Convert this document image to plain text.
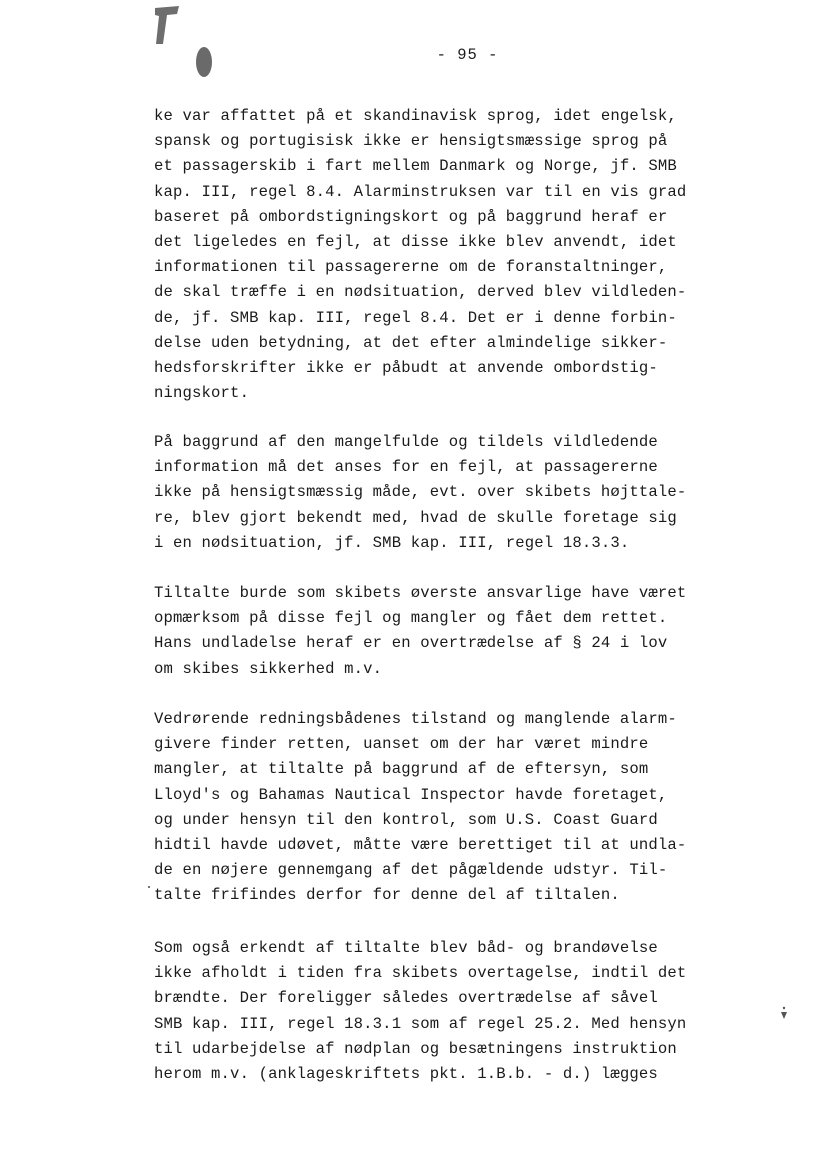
- 95 -
ke var affattet på et skandinavisk sprog, idet engelsk,
spansk og portugisisk ikke er hensigtsmæssige sprog på
et passagerskib i fart mellem Danmark og Norge, jf. SMB
kap. III, regel 8.4. Alarminstruksen var til en vis grad
baseret på ombordstigningskort og på baggrund heraf er
det ligeledes en fejl, at disse ikke blev anvendt, idet
informationen til passagererne om de foranstaltninger,
de skal træffe i en nødsituation, derved blev vildleden-
de, jf. SMB kap. III, regel 8.4. Det er i denne forbin-
delse uden betydning, at det efter almindelige sikker-
hedsforskrifter ikke er påbudt at anvende ombordstig-
ningskort.
På baggrund af den mangelfulde og tildels vildledende
information må det anses for en fejl, at passagererne
ikke på hensigtsmæssig måde, evt. over skibets højttale-
re, blev gjort bekendt med, hvad de skulle foretage sig
i en nødsituation, jf. SMB kap. III, regel 18.3.3.
Tiltalte burde som skibets øverste ansvarlige have været
opmærksom på disse fejl og mangler og fået dem rettet.
Hans undladelse heraf er en overtrædelse af § 24 i lov
om skibes sikkerhed m.v.
Vedrørende redningsbådenes tilstand og manglende alarm-
givere finder retten, uanset om der har været mindre
mangler, at tiltalte på baggrund af de eftersyn, som
Lloyd's og Bahamas Nautical Inspector havde foretaget,
og under hensyn til den kontrol, som U.S. Coast Guard
hidtil havde udøvet, måtte være berettiget til at undla-
de en nøjere gennemgang af det pågældende udstyr. Til-
talte frifindes derfor for denne del af tiltalen.
Som også erkendt af tiltalte blev båd- og brandøvelse
ikke afholdt i tiden fra skibets overtagelse, indtil det
brændte. Der foreligger således overtrædelse af såvel
SMB kap. III, regel 18.3.1 som af regel 25.2. Med hensyn
til udarbejdelse af nødplan og besætningens instruktion
herom m.v. (anklageskriftets pkt. 1.B.b. - d.) lægges
